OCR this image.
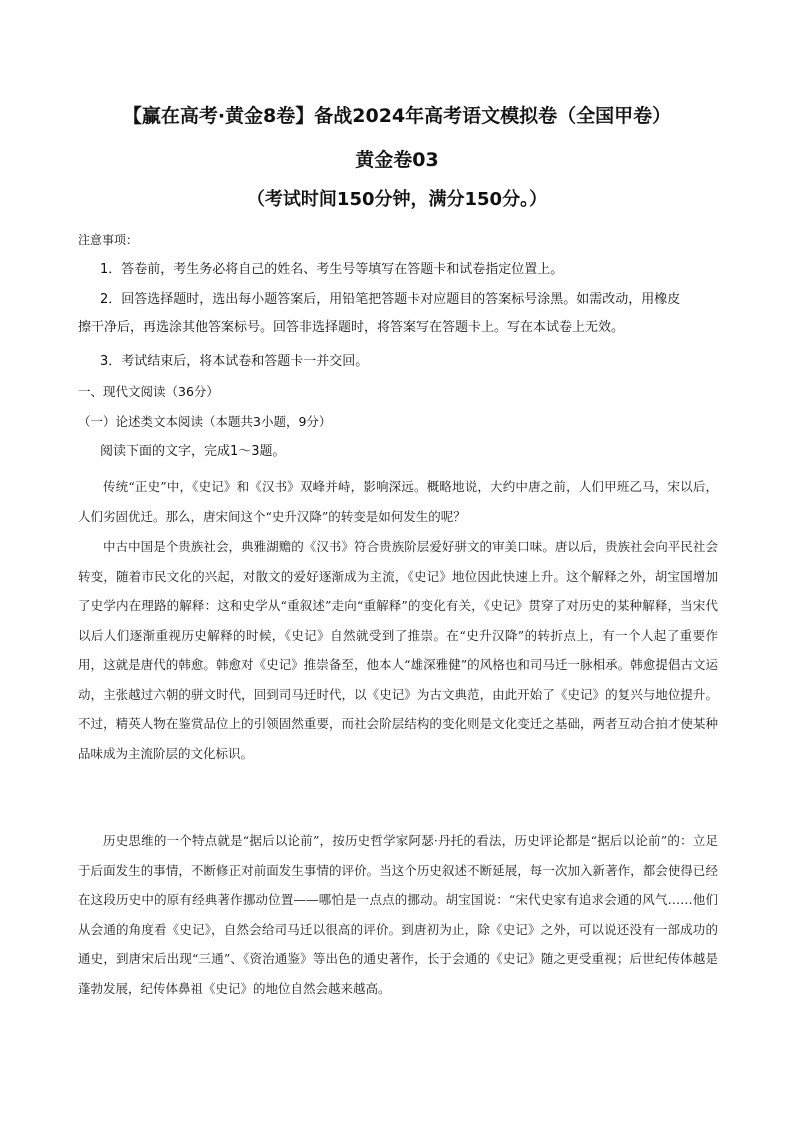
【赢在高考·黄金8卷】备战2024年高考语文模拟卷（全国甲卷）
黄金卷03
（考试时间150分钟，满分150分。）
注意事项：
1．答卷前，考生务必将自己的姓名、考生号等填写在答题卡和试卷指定位置上。
2．回答选择题时，选出每小题答案后，用铅笔把答题卡对应题目的答案标号涂黑。如需改动，用橡皮
擦干净后，再选涂其他答案标号。回答非选择题时，将答案写在答题卡上。写在本试卷上无效。
3．考试结束后，将本试卷和答题卡一并交回。
一、现代文阅读（36分）
（一）论述类文本阅读（本题共3小题，9分）
阅读下面的文字，完成1～3题。
传统“正史”中，《史记》和《汉书》双峰并峙，影响深远。概略地说，大约中唐之前，人们甲班乙马，宋以后，人们劣固优迁。那么，唐宋间这个“史升汉降”的转变是如何发生的呢？
中古中国是个贵族社会，典雅湖赡的《汉书》符合贵族阶层爱好骈文的审美口味。唐以后，贵族社会向平民社会转变，随着市民文化的兴起，对散文的爱好逐渐成为主流，《史记》地位因此快速上升。这个解释之外，胡宝国增加了史学内在理路的解释：这和史学从“重叙述”走向“重解释”的变化有关，《史记》贯穿了对历史的某种解释，当宋代以后人们逐渐重视历史解释的时候，《史记》自然就受到了推崇。在“史升汉降”的转折点上，有一个人起了重要作用，这就是唐代的韩愈。韩愈对《史记》推崇备至，他本人“雄深雅健”的风格也和司马迁一脉相承。韩愈提倡古文运动，主张越过六朝的骈文时代，回到司马迁时代，以《史记》为古文典范，由此开始了《史记》的复兴与地位提升。不过，精英人物在鉴赏品位上的引领固然重要，而社会阶层结构的变化则是文化变迁之基础，两者互动合拍才使某种品味成为主流阶层的文化标识。
历史思维的一个特点就是“据后以论前”，按历史哲学家阿瑟·丹托的看法，历史评论都是“据后以论前”的：立足于后面发生的事情，不断修正对前面发生事情的评价。当这个历史叙述不断延展，每一次加入新著作，都会使得已经在这段历史中的原有经典著作挪动位置——哪怕是一点点的挪动。胡宝国说：“宋代史家有追求会通的风气……他们从会通的角度看《史记》，自然会给司马迁以很高的评价。到唐初为止，除《史记》之外，可以说还没有一部成功的通史，到唐宋后出现“三通”、《资治通鉴》等出色的通史著作，长于会通的《史记》随之更受重视；后世纪传体越是蓬勃发展，纪传体鼻祖《史记》的地位自然会越来越高。
